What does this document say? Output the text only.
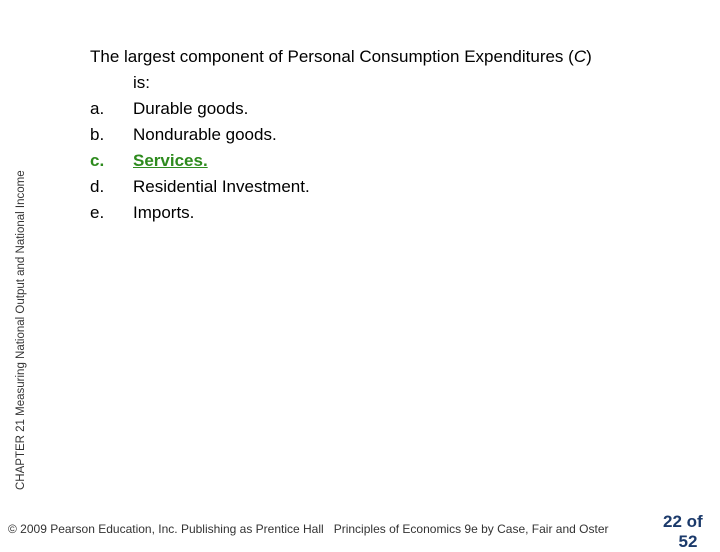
CHAPTER 21 Measuring National Output and National Income
The largest component of Personal Consumption Expenditures (C)
is:
a.	Durable goods.
b.	Nondurable goods.
c.	Services.
d.	Residential Investment.
e.	Imports.
© 2009 Pearson Education, Inc. Publishing as Prentice Hall Principles of Economics 9e by Case, Fair and Oster	22 of
52
